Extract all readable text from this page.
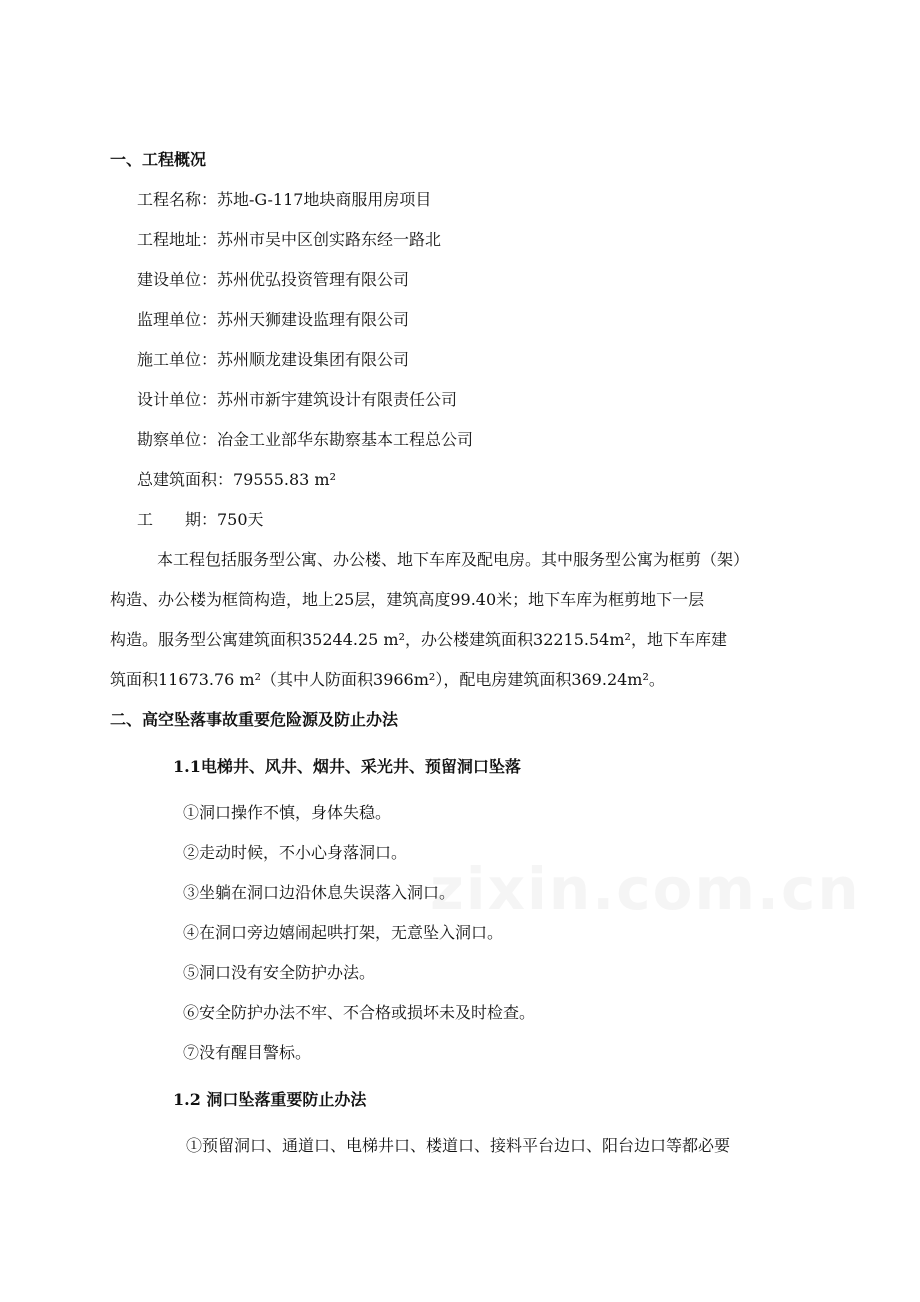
一、工程概况
工程名称：苏地-G-117地块商服用房项目
工程地址：苏州市吴中区创实路东经一路北
建设单位：苏州优弘投资管理有限公司
监理单位：苏州天狮建设监理有限公司
施工单位：苏州顺龙建设集团有限公司
设计单位：苏州市新宇建筑设计有限责任公司
勘察单位：冶金工业部华东勘察基本工程总公司
总建筑面积：79555.83 m²
工　　期：750天
本工程包括服务型公寓、办公楼、地下车库及配电房。其中服务型公寓为框剪（架）
构造、办公楼为框筒构造，地上25层，建筑高度99.40米；地下车库为框剪地下一层
构造。服务型公寓建筑面积35244.25 m²，办公楼建筑面积32215.54m²，地下车库建
筑面积11673.76 m²（其中人防面积3966m²），配电房建筑面积369.24m²。
二、高空坠落事故重要危险源及防止办法
1.1电梯井、风井、烟井、采光井、预留洞口坠落
①洞口操作不慎，身体失稳。
②走动时候，不小心身落洞口。
③坐躺在洞口边沿休息失误落入洞口。
④在洞口旁边嬉闹起哄打架，无意坠入洞口。
⑤洞口没有安全防护办法。
⑥安全防护办法不牢、不合格或损坏未及时检查。
⑦没有醒目警标。
1.2 洞口坠落重要防止办法
①预留洞口、通道口、电梯井口、楼道口、接料平台边口、阳台边口等都必要
zixin.com.cn
